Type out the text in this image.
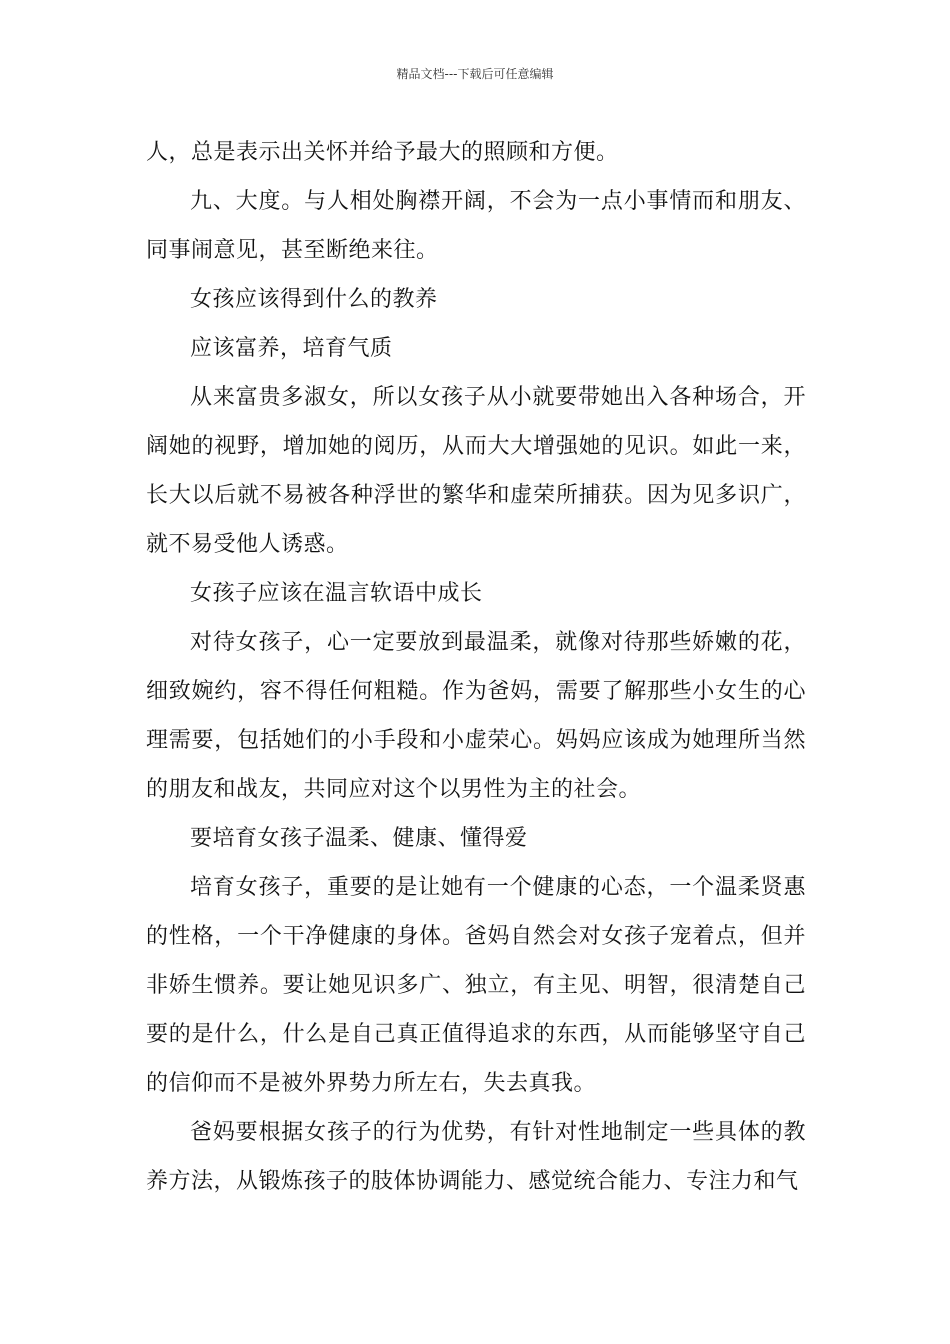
精品文档---下载后可任意编辑

人，总是表示出关怀并给予最大的照顾和方便。

九、大度。与人相处胸襟开阔，不会为一点小事情而和朋友、同事闹意见，甚至断绝来往。

女孩应该得到什么的教养

应该富养，培育气质

从来富贵多淑女，所以女孩子从小就要带她出入各种场合，开阔她的视野，增加她的阅历，从而大大增强她的见识。如此一来，长大以后就不易被各种浮世的繁华和虚荣所捕获。因为见多识广，就不易受他人诱惑。

女孩子应该在温言软语中成长

对待女孩子，心一定要放到最温柔，就像对待那些娇嫩的花，细致婉约，容不得任何粗糙。作为爸妈，需要了解那些小女生的心理需要，包括她们的小手段和小虚荣心。妈妈应该成为她理所当然的朋友和战友，共同应对这个以男性为主的社会。

要培育女孩子温柔、健康、懂得爱

培育女孩子，重要的是让她有一个健康的心态，一个温柔贤惠的性格，一个干净健康的身体。爸妈自然会对女孩子宠着点，但并非娇生惯养。要让她见识多广、独立，有主见、明智，很清楚自己要的是什么，什么是自己真正值得追求的东西，从而能够坚守自己的信仰而不是被外界势力所左右，失去真我。

爸妈要根据女孩子的行为优势，有针对性地制定一些具体的教养方法，从锻炼孩子的肢体协调能力、感觉统合能力、专注力和气
